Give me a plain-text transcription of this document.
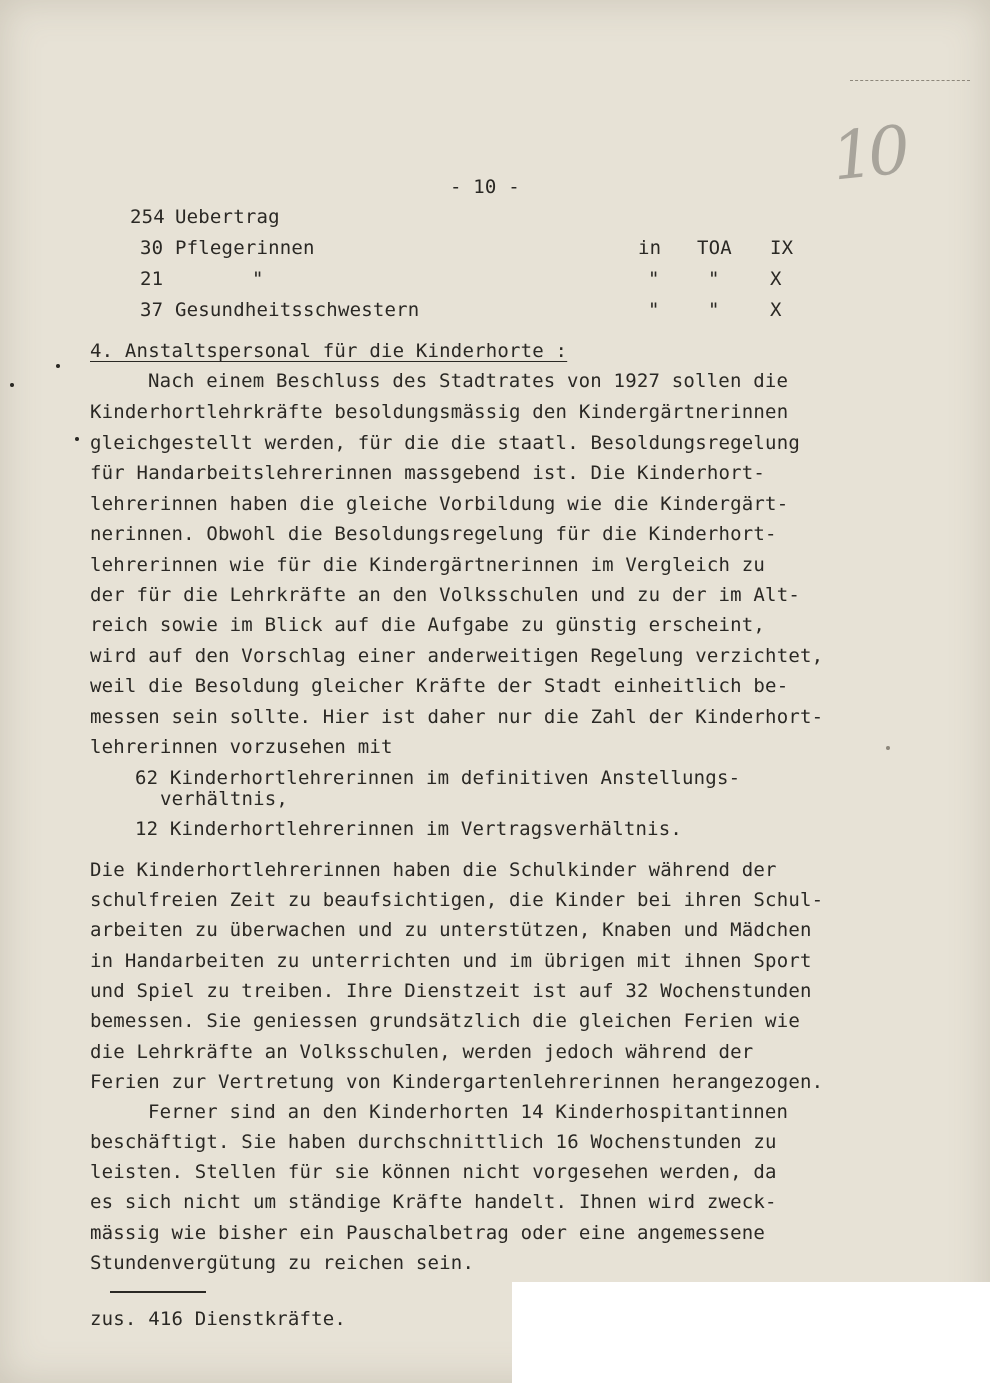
10
- 10 -
254 Uebertrag
30 Pflegerinnen	in TOA IX
21	"	"	"	X
37 Gesundheitsschwestern	"	"	X
4. Anstaltspersonal für die Kinderhorte :
Nach einem Beschluss des Stadtrates von 1927 sollen die
Kinderhortlehrkräfte besoldungsmässig den Kindergärtnerinnen
gleichgestellt werden, für die die staatl. Besoldungsregelung
für Handarbeitslehrerinnen massgebend ist. Die Kinderhort-
lehrerinnen haben die gleiche Vorbildung wie die Kindergärt-
nerinnen. Obwohl die Besoldungsregelung für die Kinderhort-
lehrerinnen wie für die Kindergärtnerinnen im Vergleich zu
der für die Lehrkräfte an den Volksschulen und zu der im Alt-
reich sowie im Blick auf die Aufgabe zu günstig erscheint,
wird auf den Vorschlag einer anderweitigen Regelung verzichtet,
weil die Besoldung gleicher Kräfte der Stadt einheitlich be-
messen sein sollte. Hier ist daher nur die Zahl der Kinderhort-
lehrerinnen vorzusehen mit
62 Kinderhortlehrerinnen im definitiven Anstellungs-
verhältnis,
12 Kinderhortlehrerinnen im Vertragsverhältnis.
Die Kinderhortlehrerinnen haben die Schulkinder während der
schulfreien Zeit zu beaufsichtigen, die Kinder bei ihren Schul-
arbeiten zu überwachen und zu unterstützen, Knaben und Mädchen
in Handarbeiten zu unterrichten und im übrigen mit ihnen Sport
und Spiel zu treiben. Ihre Dienstzeit ist auf 32 Wochenstunden
bemessen. Sie geniessen grundsätzlich die gleichen Ferien wie
die Lehrkräfte an Volksschulen, werden jedoch während der
Ferien zur Vertretung von Kindergartenlehrerinnen herangezogen.
Ferner sind an den Kinderhorten 14 Kinderhospitantinnen
beschäftigt. Sie haben durchschnittlich 16 Wochenstunden zu
leisten. Stellen für sie können nicht vorgesehen werden, da
es sich nicht um ständige Kräfte handelt. Ihnen wird zweck-
mässig wie bisher ein Pauschalbetrag oder eine angemessene
Stundenvergütung zu reichen sein.
zus. 416 Dienstkräfte.
